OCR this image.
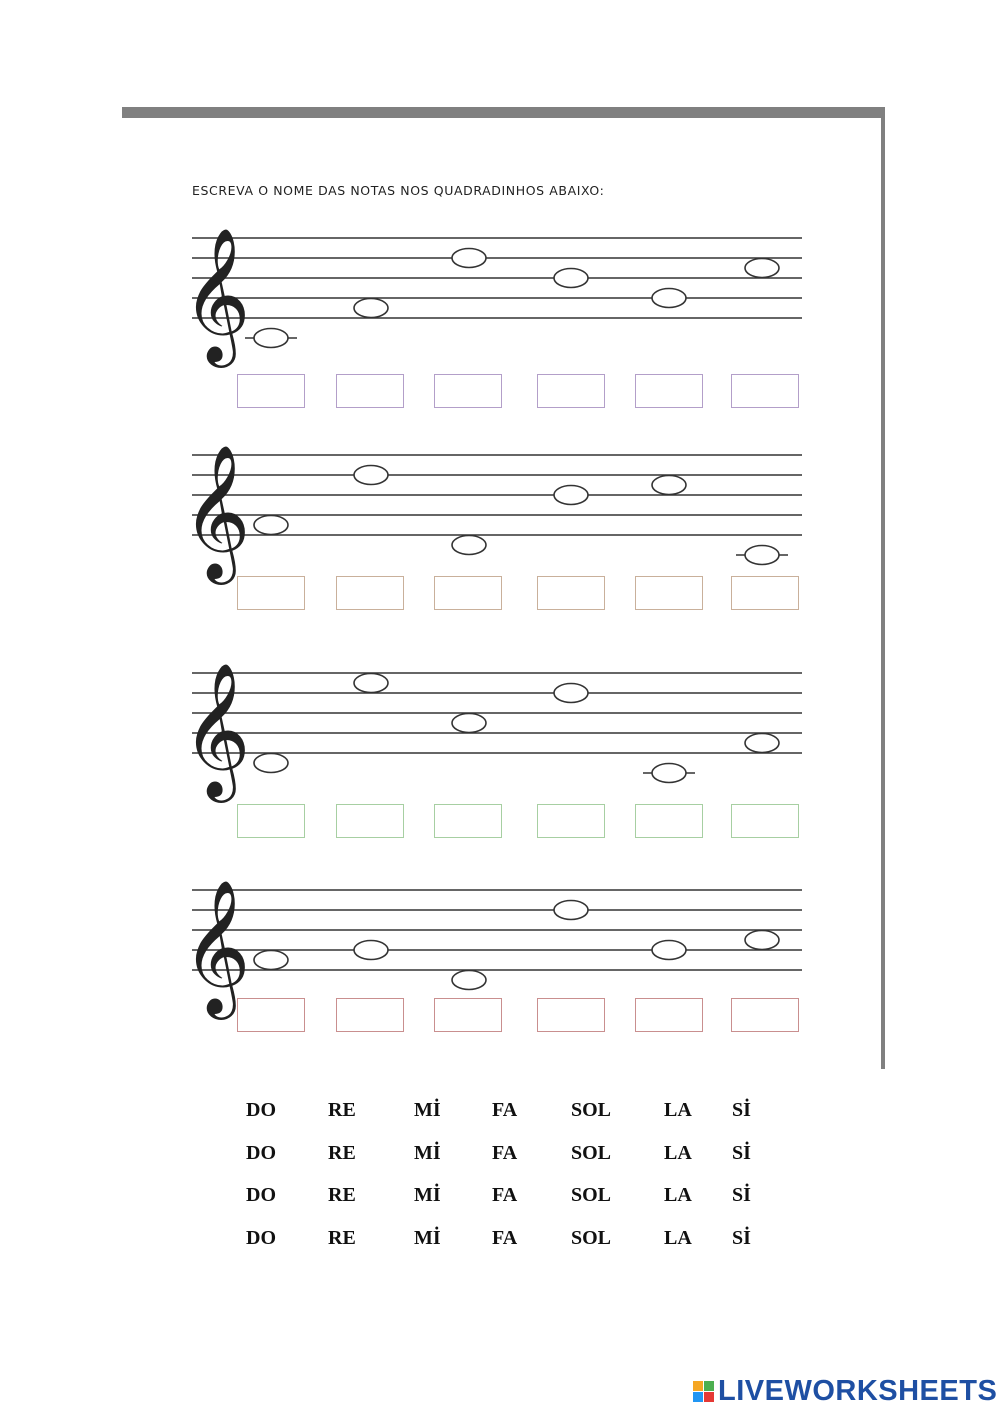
ESCREVA O NOME DAS NOTAS NOS QUADRADINHOS ABAIXO:
𝄞
𝄞
𝄞
𝄞
DO	RE	Mİ	FA	SOL	LA Sİ
DO	RE	Mİ	FA	SOL	LA Sİ
DO	RE	Mİ	FA	SOL	LA Sİ
DO	RE	Mİ	FA	SOL	LA Sİ
LIVEWORKSHEETS
